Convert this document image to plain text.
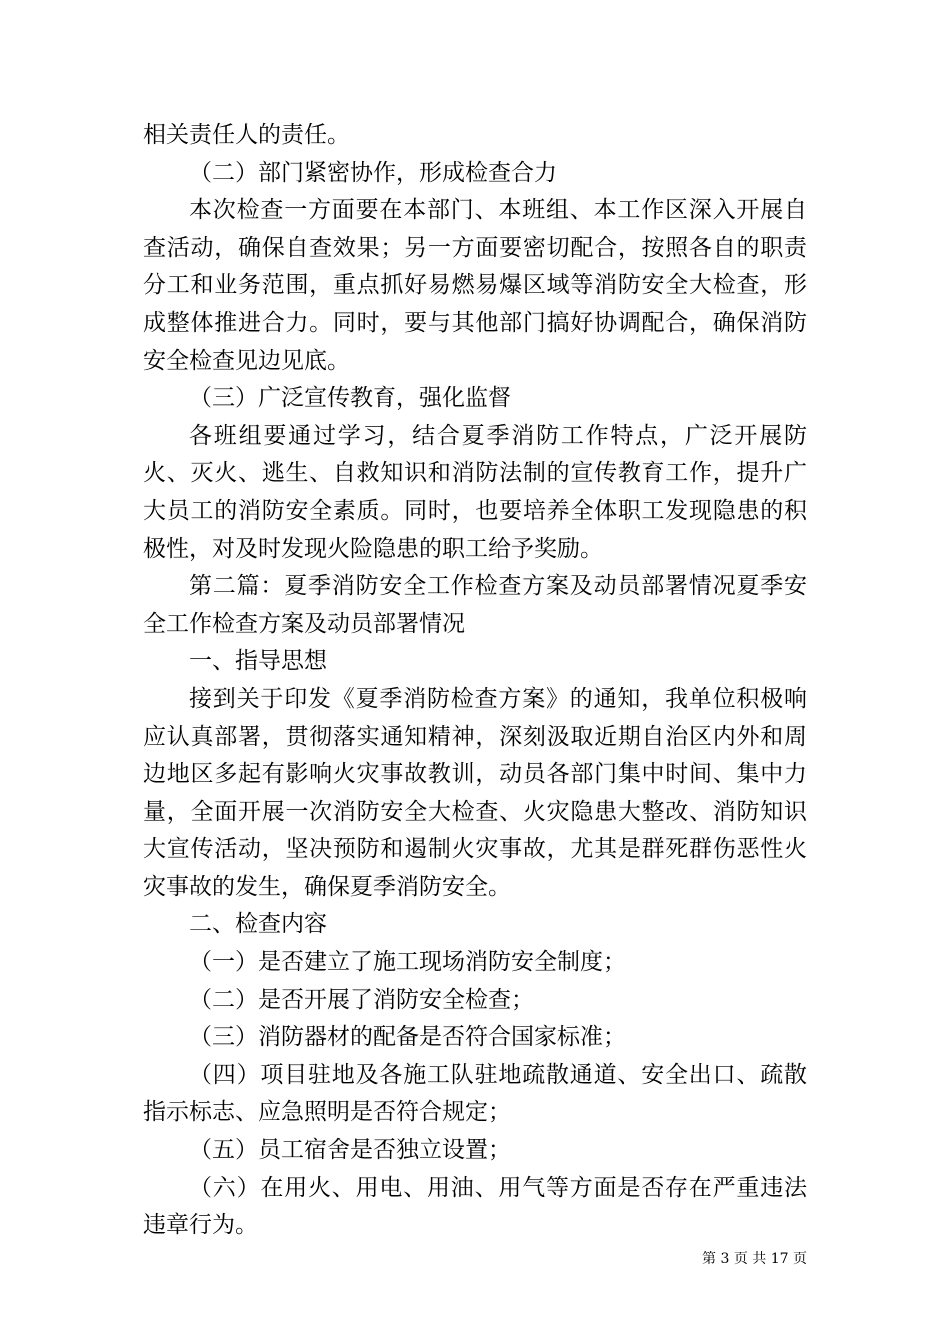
相关责任人的责任。

（二）部门紧密协作，形成检查合力

本次检查一方面要在本部门、本班组、本工作区深入开展自查活动，确保自查效果；另一方面要密切配合，按照各自的职责分工和业务范围，重点抓好易燃易爆区域等消防安全大检查，形成整体推进合力。同时，要与其他部门搞好协调配合，确保消防安全检查见边见底。

（三）广泛宣传教育，强化监督

各班组要通过学习，结合夏季消防工作特点，广泛开展防火、灭火、逃生、自救知识和消防法制的宣传教育工作，提升广大员工的消防安全素质。同时，也要培养全体职工发现隐患的积极性，对及时发现火险隐患的职工给予奖励。

第二篇：夏季消防安全工作检查方案及动员部署情况夏季安全工作检查方案及动员部署情况

一、指导思想

接到关于印发《夏季消防检查方案》的通知，我单位积极响应认真部署，贯彻落实通知精神，深刻汲取近期自治区内外和周边地区多起有影响火灾事故教训，动员各部门集中时间、集中力量，全面开展一次消防安全大检查、火灾隐患大整改、消防知识大宣传活动，坚决预防和遏制火灾事故，尤其是群死群伤恶性火灾事故的发生，确保夏季消防安全。

二、检查内容

（一）是否建立了施工现场消防安全制度；

（二）是否开展了消防安全检查；

（三）消防器材的配备是否符合国家标准；

（四）项目驻地及各施工队驻地疏散通道、安全出口、疏散指示标志、应急照明是否符合规定；

（五）员工宿舍是否独立设置；

（六）在用火、用电、用油、用气等方面是否存在严重违法违章行为。

第 3 页 共 17 页
